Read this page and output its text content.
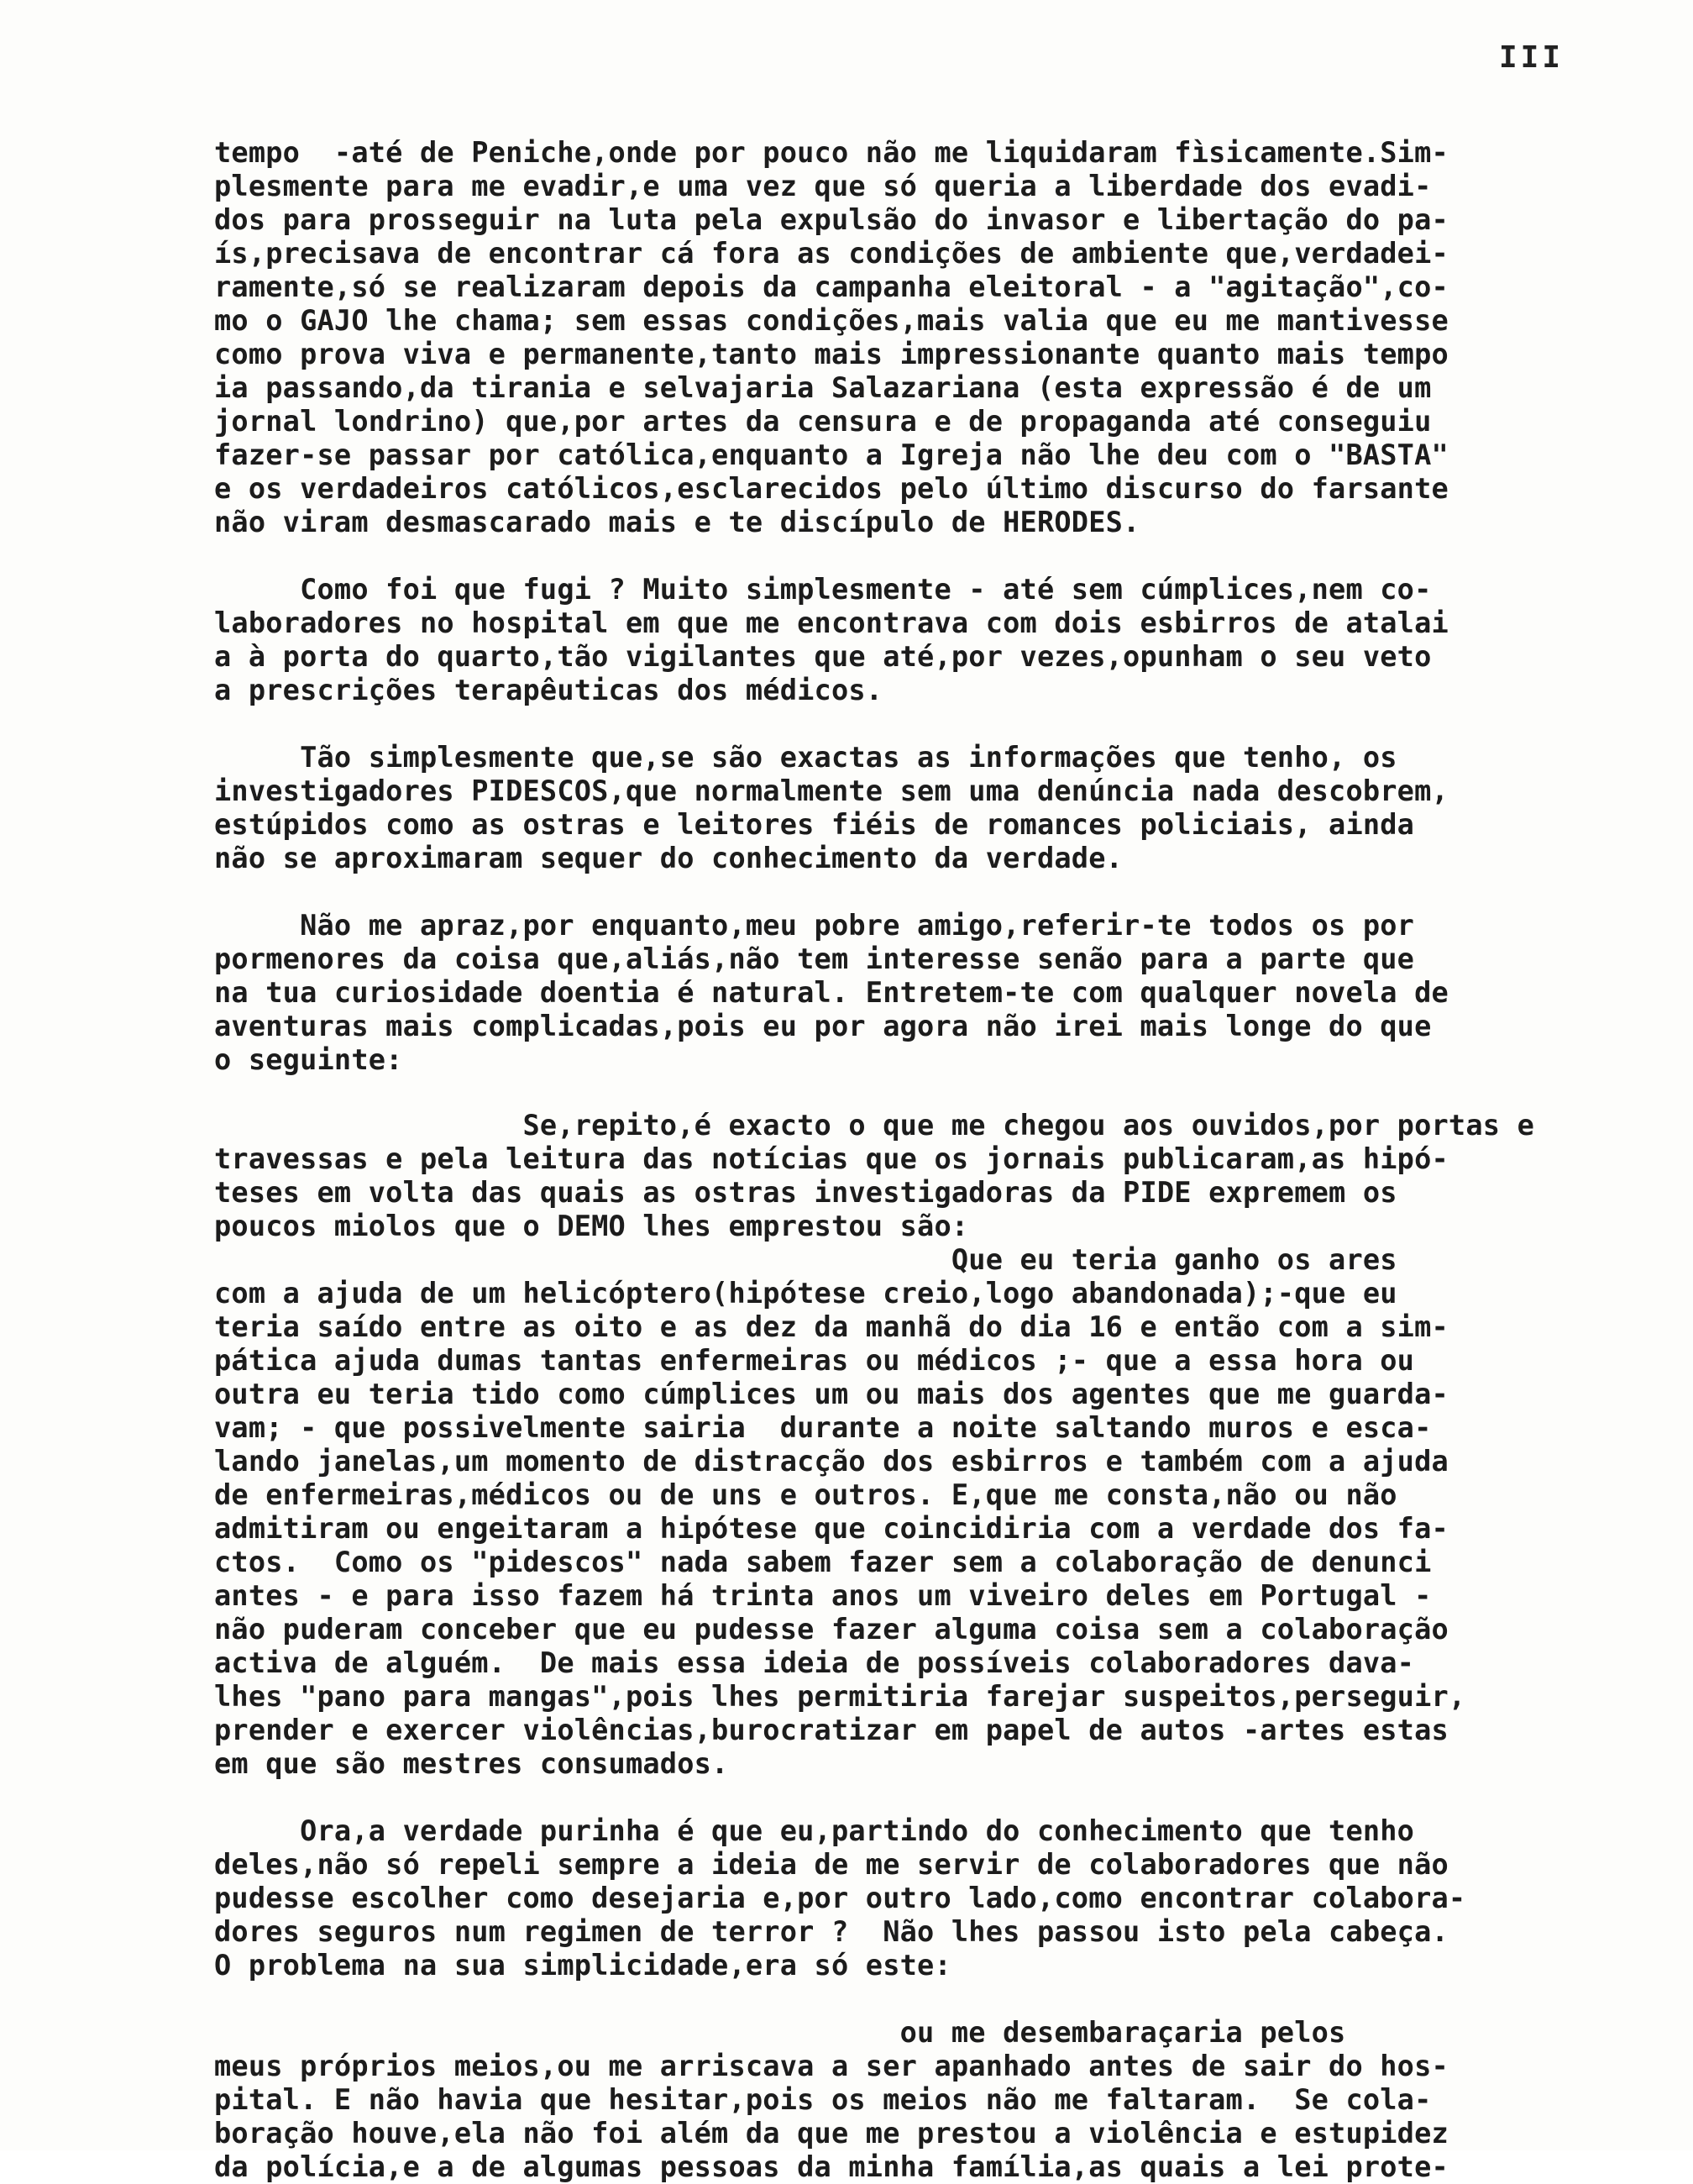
III
tempo  -até de Peniche,onde por pouco não me liquidaram fìsicamente.Sim-
plesmente para me evadir,e uma vez que só queria a liberdade dos evadi-
dos para prosseguir na luta pela expulsão do invasor e libertação do pa-
ís,precisava de encontrar cá fora as condições de ambiente que,verdadei-
ramente,só se realizaram depois da campanha eleitoral - a "agitação",co-
mo o GAJO lhe chama; sem essas condições,mais valia que eu me mantivesse
como prova viva e permanente,tanto mais impressionante quanto mais tempo
ia passando,da tirania e selvajaria Salazariana (esta expressão é de um
jornal londrino) que,por artes da censura e de propaganda até conseguiu
fazer-se passar por católica,enquanto a Igreja não lhe deu com o "BASTA"
e os verdadeiros católicos,esclarecidos pelo último discurso do farsante
não viram desmascarado mais e te discípulo de HERODES.
Como foi que fugi ? Muito simplesmente - até sem cúmplices,nem co-
laboradores no hospital em que me encontrava com dois esbirros de atalai
a à porta do quarto,tão vigilantes que até,por vezes,opunham o seu veto
a prescrições terapêuticas dos médicos.
Tão simplesmente que,se são exactas as informações que tenho, os
investigadores PIDESCOS,que normalmente sem uma denúncia nada descobrem,
estúpidos como as ostras e leitores fiéis de romances policiais, ainda
não se aproximaram sequer do conhecimento da verdade.
Não me apraz,por enquanto,meu pobre amigo,referir-te todos os por
pormenores da coisa que,aliás,não tem interesse senão para a parte que
na tua curiosidade doentia é natural. Entretem-te com qualquer novela de
aventuras mais complicadas,pois eu por agora não irei mais longe do que
o seguinte:
Se,repito,é exacto o que me chegou aos ouvidos,por portas e
travessas e pela leitura das notícias que os jornais publicaram,as hipó-
teses em volta das quais as ostras investigadoras da PIDE expremem os
poucos miolos que o DEMO lhes emprestou são:
Que eu teria ganho os ares
com a ajuda de um helicóptero(hipótese creio,logo abandonada);-que eu
teria saído entre as oito e as dez da manhã do dia 16 e então com a sim-
pática ajuda dumas tantas enfermeiras ou médicos ;- que a essa hora ou
outra eu teria tido como cúmplices um ou mais dos agentes que me guarda-
vam; - que possivelmente sairia  durante a noite saltando muros e esca-
lando janelas,um momento de distracção dos esbirros e também com a ajuda
de enfermeiras,médicos ou de uns e outros. E,que me consta,não ou não
admitiram ou engeitaram a hipótese que coincidiria com a verdade dos fa-
ctos.  Como os "pidescos" nada sabem fazer sem a colaboração de denunci
antes - e para isso fazem há trinta anos um viveiro deles em Portugal -
não puderam conceber que eu pudesse fazer alguma coisa sem a colaboração
activa de alguém.  De mais essa ideia de possíveis colaboradores dava-
lhes "pano para mangas",pois lhes permitiria farejar suspeitos,perseguir,
prender e exercer violências,burocratizar em papel de autos -artes estas
em que são mestres consumados.
Ora,a verdade purinha é que eu,partindo do conhecimento que tenho
deles,não só repeli sempre a ideia de me servir de colaboradores que não
pudesse escolher como desejaria e,por outro lado,como encontrar colabora-
dores seguros num regimen de terror ?  Não lhes passou isto pela cabeça.
O problema na sua simplicidade,era só este:
ou me desembaraçaria pelos
meus próprios meios,ou me arriscava a ser apanhado antes de sair do hos-
pital. E não havia que hesitar,pois os meios não me faltaram.  Se cola-
boração houve,ela não foi além da que me prestou a violência e estupidez
da polícia,e a de algumas pessoas da minha família,as quais a lei prote-
